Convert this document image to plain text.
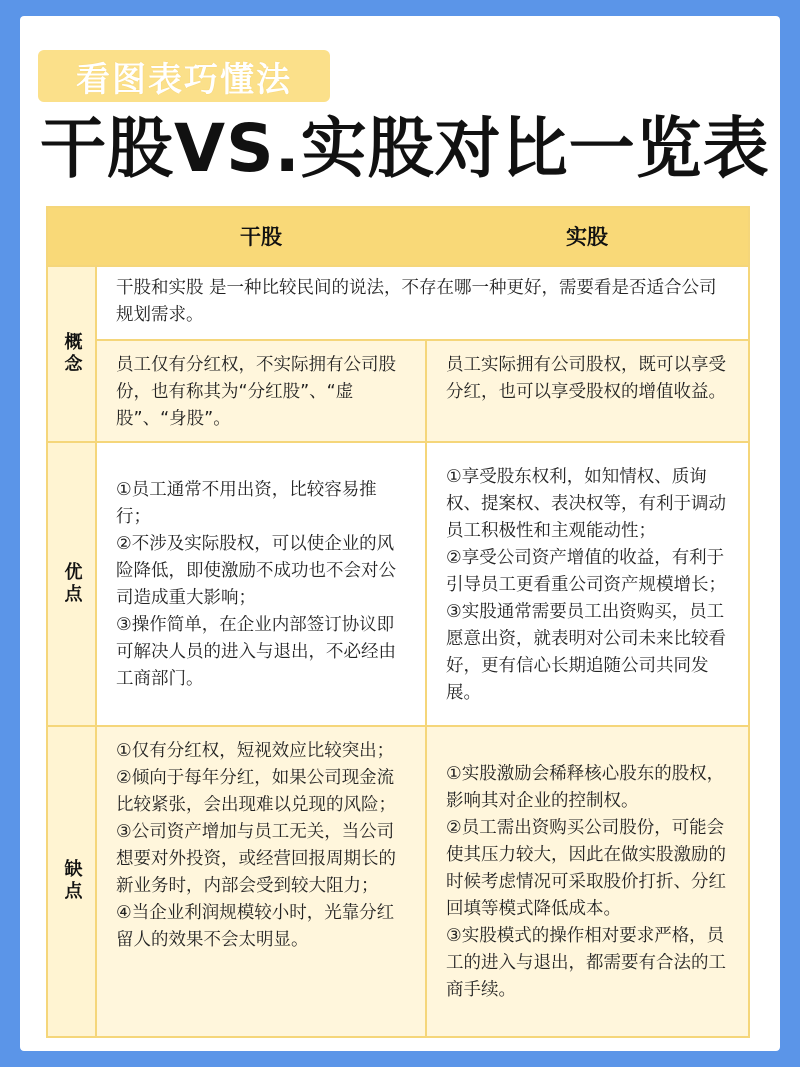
看图表巧懂法
干股VS.实股对比一览表
干股	实股
概念
干股和实股 是一种比较民间的说法，不存在哪一种更好，需要看是否适合公司规划需求。
员工仅有分红权，不实际拥有公司股份，也有称其为“分红股”、“虚股”、“身股”。
员工实际拥有公司股权，既可以享受分红，也可以享受股权的增值收益。
优点
①员工通常不用出资，比较容易推行；
②不涉及实际股权，可以使企业的风险降低，即使激励不成功也不会对公司造成重大影响；
③操作简单，在企业内部签订协议即可解决人员的进入与退出，不必经由工商部门。
①享受股东权利，如知情权、质询权、提案权、表决权等，有利于调动员工积极性和主观能动性；
②享受公司资产增值的收益，有利于引导员工更看重公司资产规模增长；
③实股通常需要员工出资购买，员工愿意出资，就表明对公司未来比较看好，更有信心长期追随公司共同发展。
缺点
①仅有分红权，短视效应比较突出；
②倾向于每年分红，如果公司现金流比较紧张，会出现难以兑现的风险；
③公司资产增加与员工无关，当公司想要对外投资，或经营回报周期长的新业务时，内部会受到较大阻力；
④当企业利润规模较小时，光靠分红留人的效果不会太明显。
①实股激励会稀释核心股东的股权，影响其对企业的控制权。
②员工需出资购买公司股份，可能会使其压力较大，因此在做实股激励的时候考虑情况可采取股价打折、分红回填等模式降低成本。
③实股模式的操作相对要求严格，员工的进入与退出，都需要有合法的工商手续。
